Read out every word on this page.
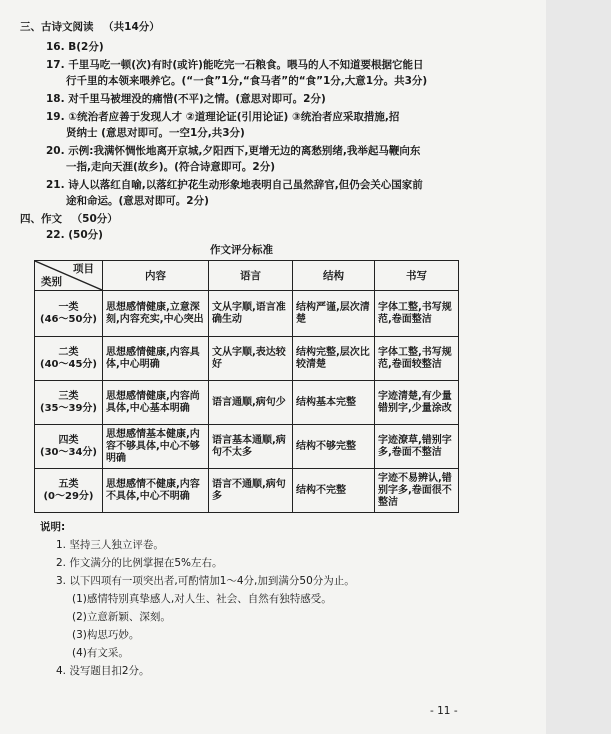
三、古诗文阅读 （共14分）
16. B(2分)
17. 千里马吃一顿(次)有时(或许)能吃完一石粮食。喂马的人不知道要根据它能日
行千里的本领来喂养它。(“一食”1分,“食马者”的“食”1分,大意1分。共3分)
18. 对千里马被埋没的痛惜(不平)之情。(意思对即可。2分)
19. ①统治者应善于发现人才 ②道理论证(引用论证) ③统治者应采取措施,招
贤纳士 (意思对即可。一空1分,共3分)
20. 示例:我满怀惆怅地离开京城,夕阳西下,更增无边的离愁别绪,我举起马鞭向东
一指,走向天涯(故乡)。(符合诗意即可。2分)
21. 诗人以落红自喻,以落红护花生动形象地表明自己虽然辞官,但仍会关心国家前
途和命运。(意思对即可。2分)
四、作文 （50分）
22. (50分)
作文评分标准
项目
类别	内容	语言	结构	书写

一类
(46～50分)	思想感情健康,立意深刻,内容充实,中心突出	文从字顺,语言准确生动	结构严谨,层次清楚	字体工整,书写规范,卷面整洁

二类
(40～45分)	思想感情健康,内容具体,中心明确	文从字顺,表达较好	结构完整,层次比较清楚	字体工整,书写规范,卷面较整洁

三类
(35～39分)	思想感情健康,内容尚具体,中心基本明确	语言通顺,病句少	结构基本完整	字迹清楚,有少量错别字,少量涂改

四类
(30～34分)	思想感情基本健康,内容不够具体,中心不够明确	语言基本通顺,病句不太多	结构不够完整	字迹潦草,错别字多,卷面不整洁

五类
(0～29分)	思想感情不健康,内容不具体,中心不明确	语言不通顺,病句多	结构不完整	字迹不易辨认,错别字多,卷面很不整洁
说明:
1. 坚持三人独立评卷。
2. 作文满分的比例掌握在5%左右。
3. 以下四项有一项突出者,可酌情加1～4分,加到满分50分为止。
(1)感情特别真挚感人,对人生、社会、自然有独特感受。
(2)立意新颖、深刻。
(3)构思巧妙。
(4)有文采。
4. 没写题目扣2分。
- 11 -
